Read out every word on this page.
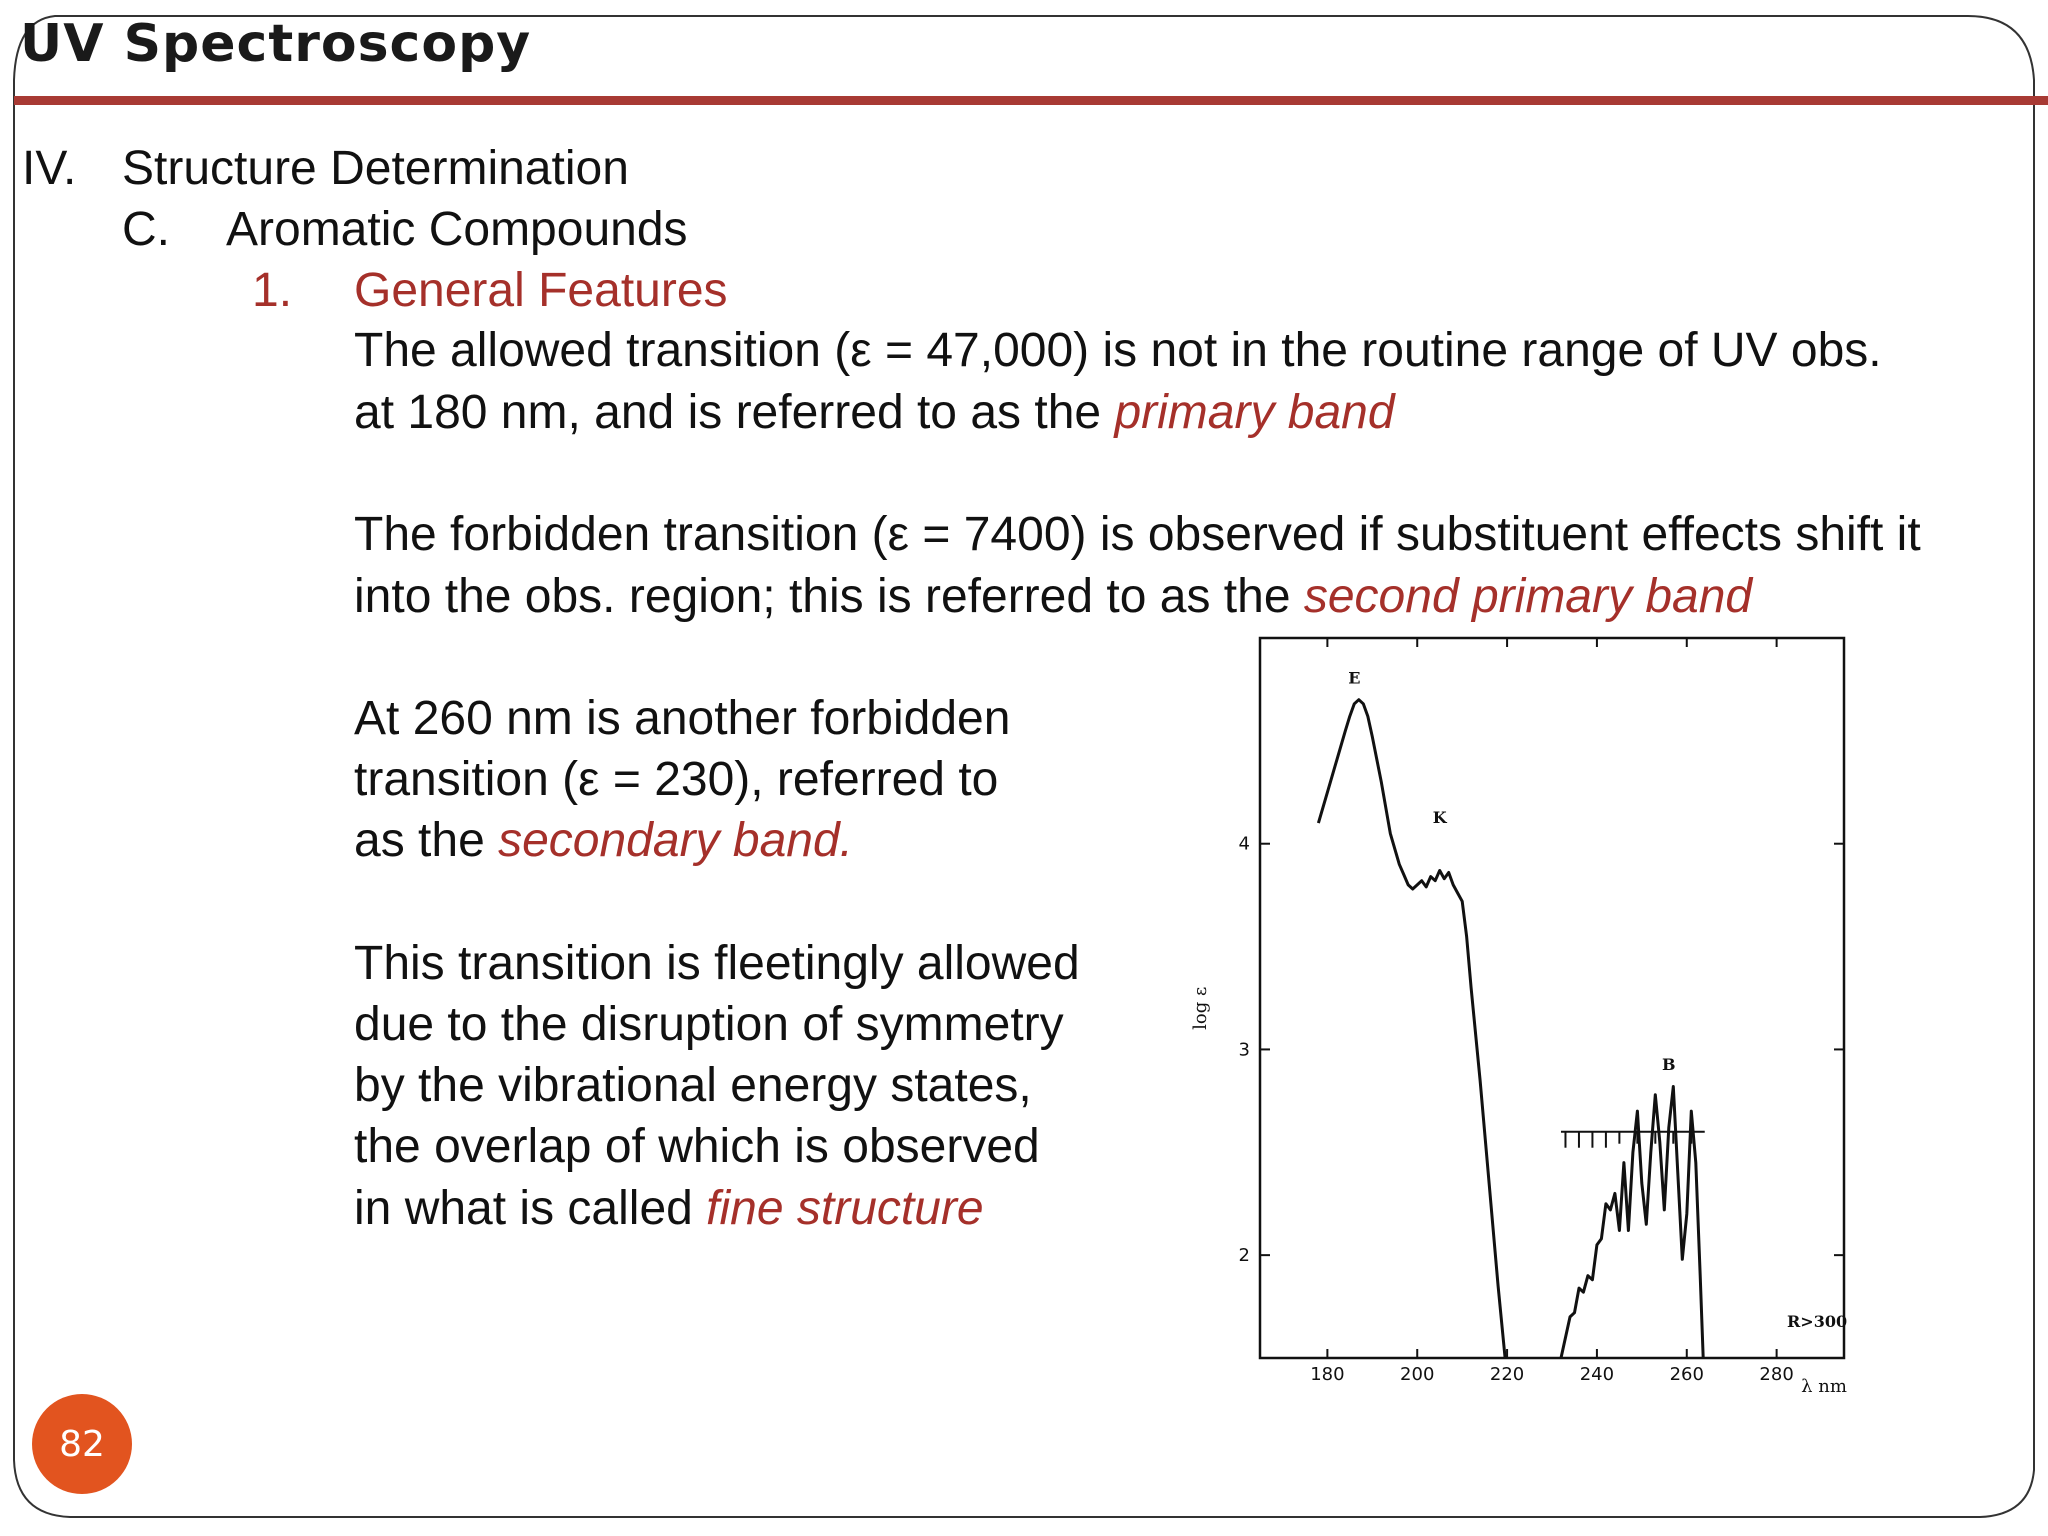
UV Spectroscopy
IV. Structure Determination
C. Aromatic Compounds
1. General Features

The allowed transition (ε = 47,000) is not in the routine range of UV obs.

at 180 nm, and is referred to as the primary band

The forbidden transition (ε = 7400) is observed if substituent effects shift it

into the obs. region; this is referred to as the second primary band

At 260 nm is another forbidden

transition (ε = 230), referred to

as the secondary band.

This transition is fleetingly allowed

due to the disruption of symmetry

by the vibrational energy states,

the overlap of which is observed

in what is called fine structure

180	200	220	240	260	280
2
3
4
E
K
B
R>300
λ nm
log ε
82
